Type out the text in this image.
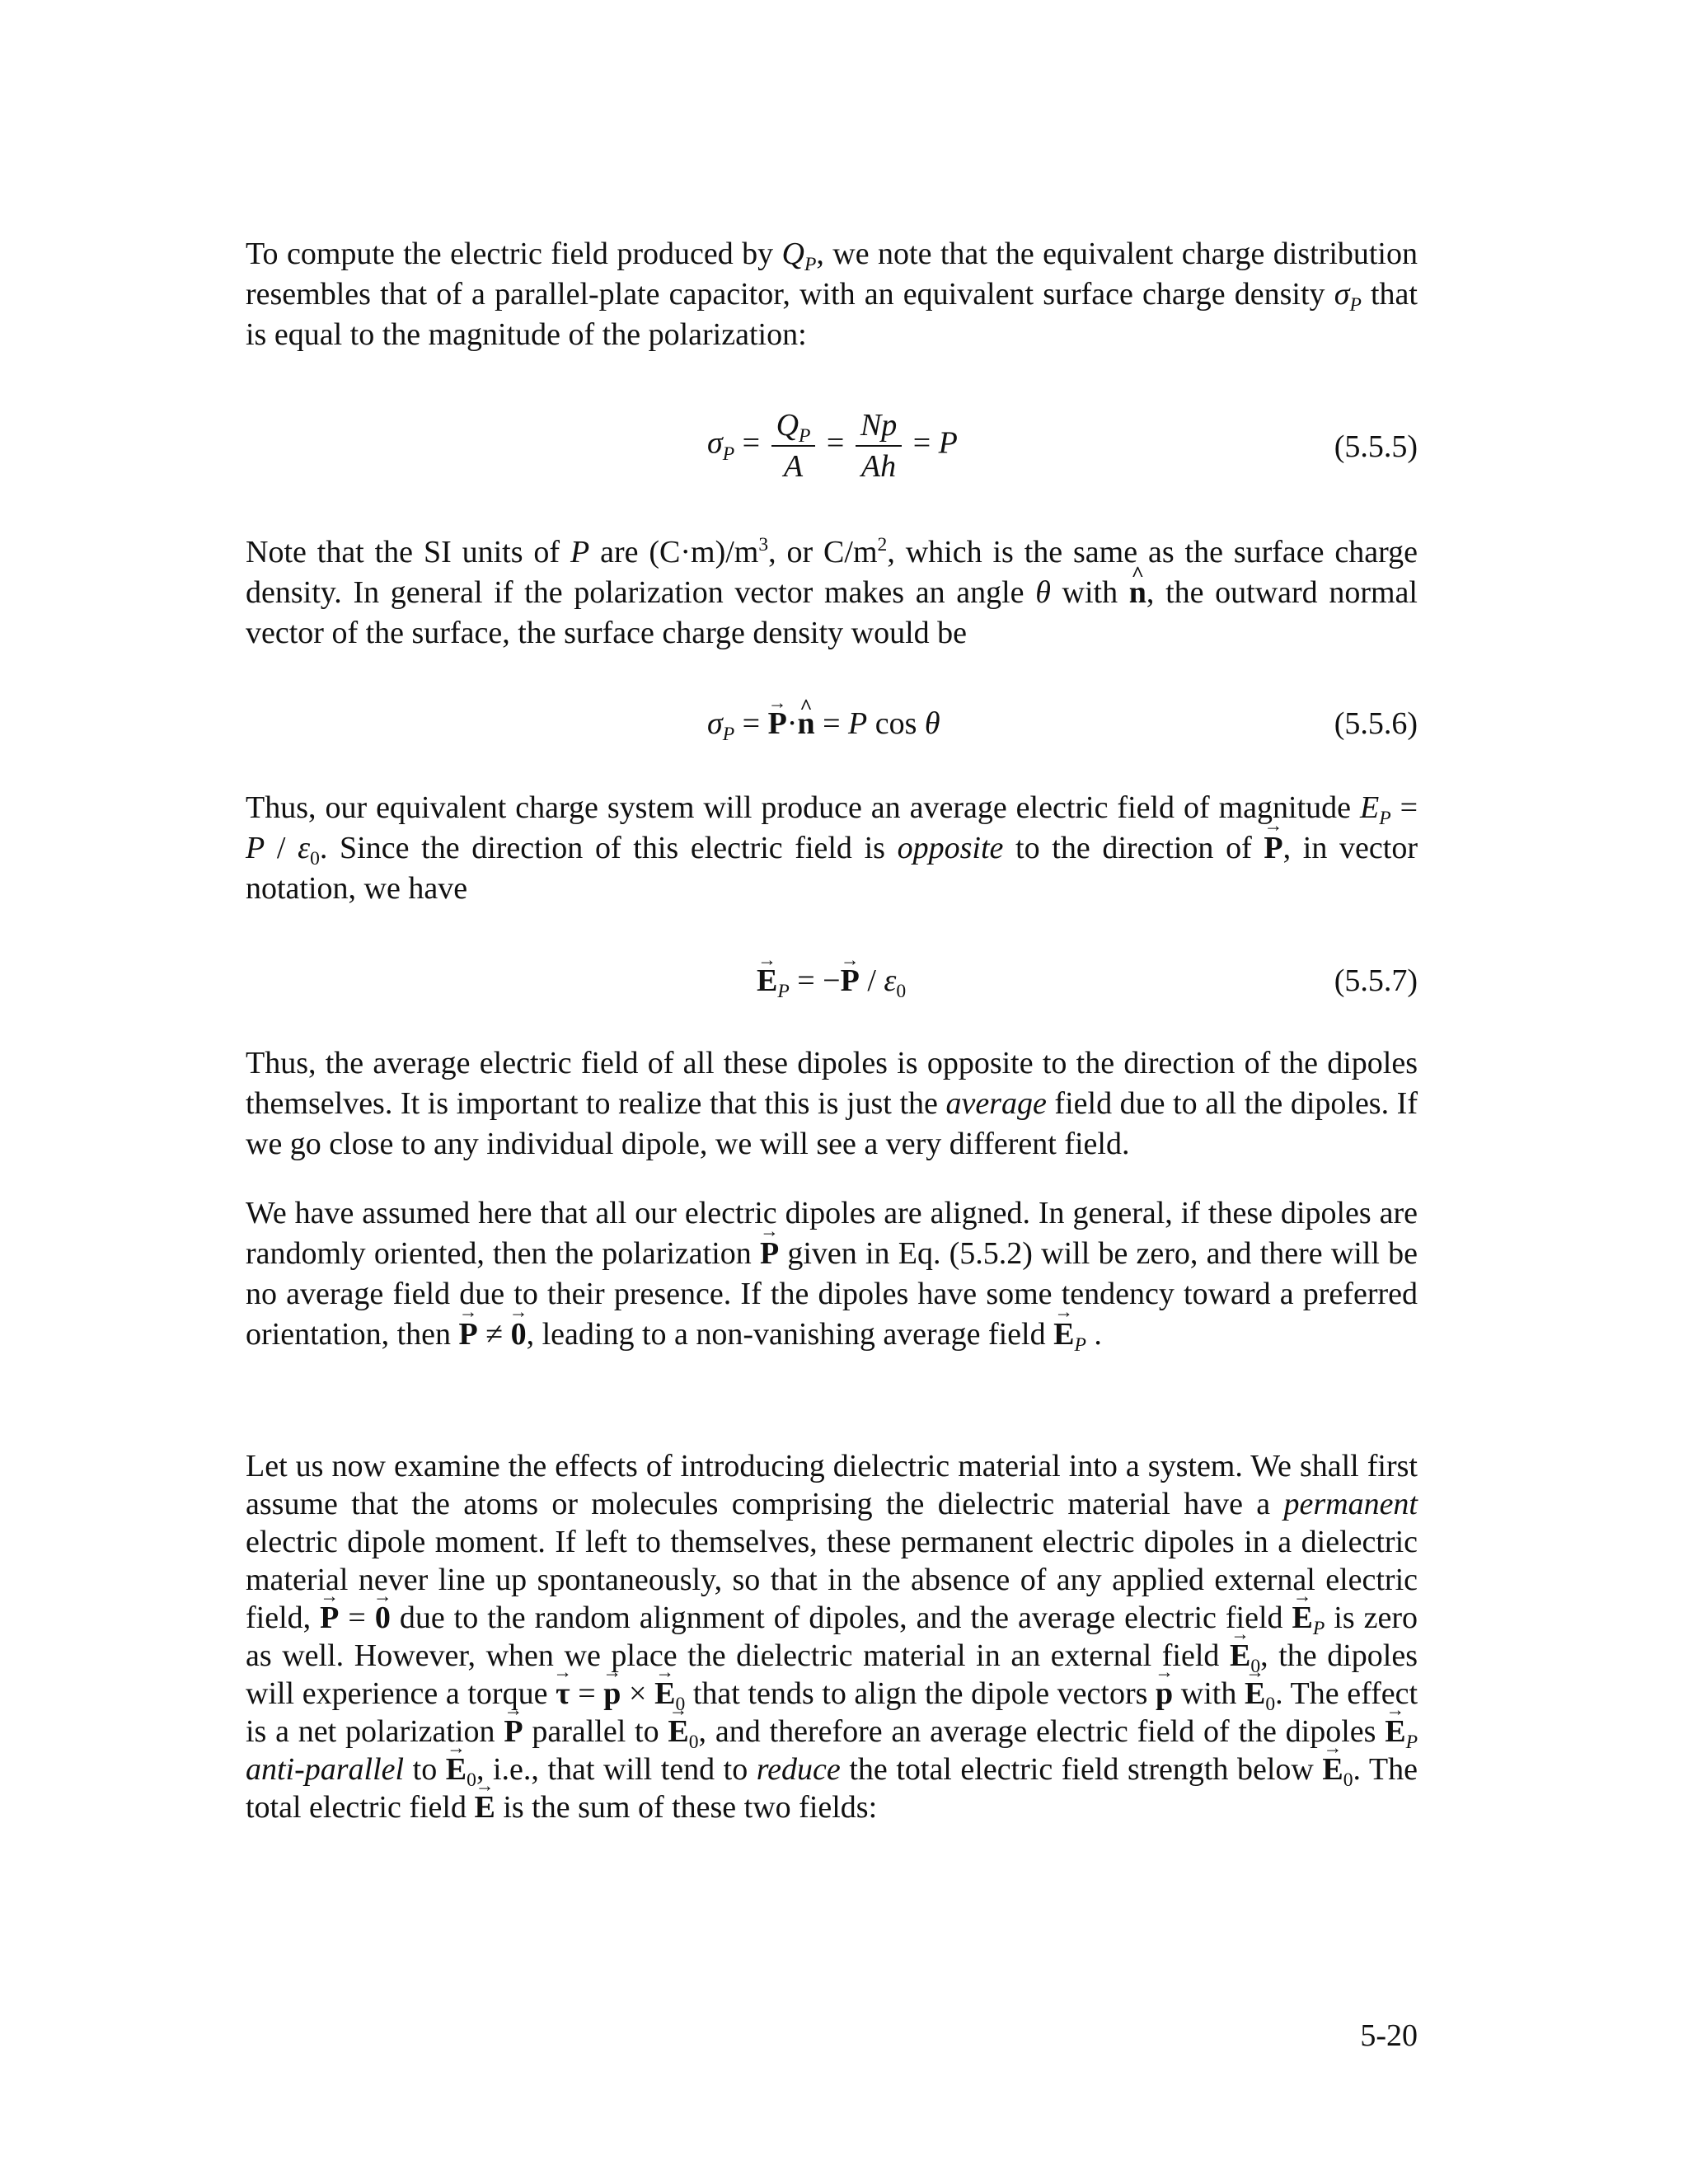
To compute the electric field produced by $Q_P$, we note that the equivalent charge distribution resembles that of a parallel-plate capacitor, with an equivalent surface charge density $\sigma_P$ that is equal to the magnitude of the polarization:

$\sigma_P = \frac{Q_P}{A} = \frac{Np}{Ah} = P$	(5.5.5)

Note that the SI units of P are $(C\cdot m)/m^3$, or $C/m^2$, which is the same as the surface charge density. In general if the polarization vector makes an angle θ with ^ n, the outward normal vector of the surface, the surface charge density would be

$\sigma_P$ = → P·^ n = P cos θ	(5.5.6)

Thus, our equivalent charge system will produce an average electric field of magnitude $E_P = P / \varepsilon_0$. Since the direction of this electric field is opposite to the direction of → P, in vector notation, we have

→ $E_P$ = −→ P / $\varepsilon_0$	(5.5.7)

Thus, the average electric field of all these dipoles is opposite to the direction of the dipoles themselves. It is important to realize that this is just the average field due to all the dipoles. If we go close to any individual dipole, we will see a very different field.

We have assumed here that all our electric dipoles are aligned. In general, if these dipoles are randomly oriented, then the polarization → P given in Eq. (5.5.2) will be zero, and there will be no average field due to their presence. If the dipoles have some tendency toward a preferred orientation, then → P ≠ → 0, leading to a non-vanishing average field → $E_P$ .

Let us now examine the effects of introducing dielectric material into a system. We shall first assume that the atoms or molecules comprising the dielectric material have a permanent electric dipole moment. If left to themselves, these permanent electric dipoles in a dielectric material never line up spontaneously, so that in the absence of any applied external electric field, → P = → 0 due to the random alignment of dipoles, and the average electric field → $E_P$ is zero as well. However, when we place the dielectric material in an external field → $E_0$, the dipoles will experience a torque → τ = → p × → $E_0$ that tends to align the dipole vectors → p with → $E_0$. The effect is a net polarization → P parallel to → $E_0$, and therefore an average electric field of the dipoles → $E_P$ anti-parallel to → $E_0$, i.e., that will tend to reduce the total electric field strength below → $E_0$. The total electric field → E is the sum of these two fields:

5-20
